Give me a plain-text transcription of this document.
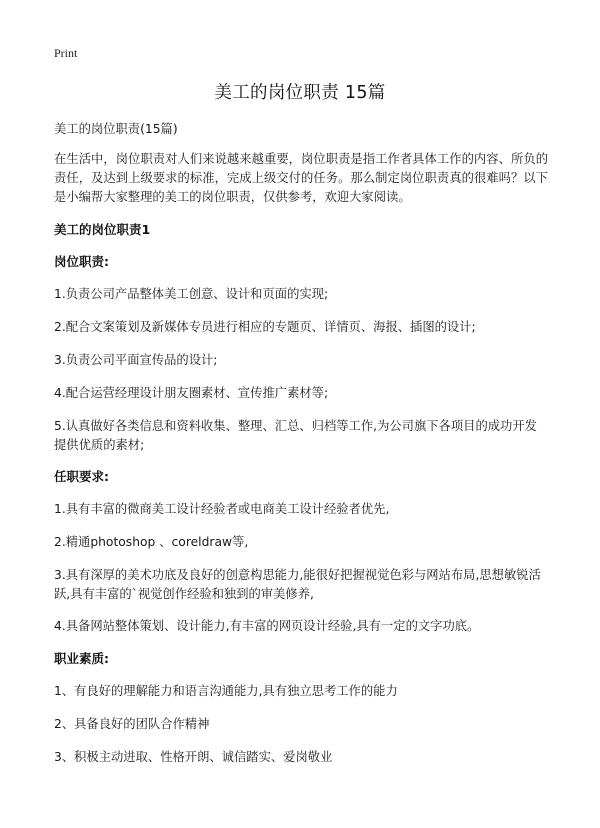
Print
美工的岗位职责 15篇

美工的岗位职责(15篇)

在生活中，岗位职责对人们来说越来越重要，岗位职责是指工作者具体工作的内容、所负的责任，及达到上级要求的标准，完成上级交付的任务。那么制定岗位职责真的很难吗？以下是小编帮大家整理的美工的岗位职责，仅供参考，欢迎大家阅读。

美工的岗位职责1

岗位职责:

1.负责公司产品整体美工创意、设计和页面的实现;

2.配合文案策划及新媒体专员进行相应的专题页、详情页、海报、插图的设计;

3.负责公司平面宣传品的设计;

4.配合运营经理设计朋友圈素材、宣传推广素材等;

5.认真做好各类信息和资料收集、整理、汇总、归档等工作,为公司旗下各项目的成功开发提供优质的素材;

任职要求:

1.具有丰富的微商美工设计经验者或电商美工设计经验者优先,

2.精通photoshop 、coreldraw等,

3.具有深厚的美术功底及良好的创意构思能力,能很好把握视觉色彩与网站布局,思想敏锐活跃,具有丰富的`视觉创作经验和独到的审美修养,

4.具备网站整体策划、设计能力,有丰富的网页设计经验,具有一定的文字功底。

职业素质:

1、有良好的理解能力和语言沟通能力,具有独立思考工作的能力

2、具备良好的团队合作精神

3、积极主动进取、性格开朗、诚信踏实、爱岗敬业
